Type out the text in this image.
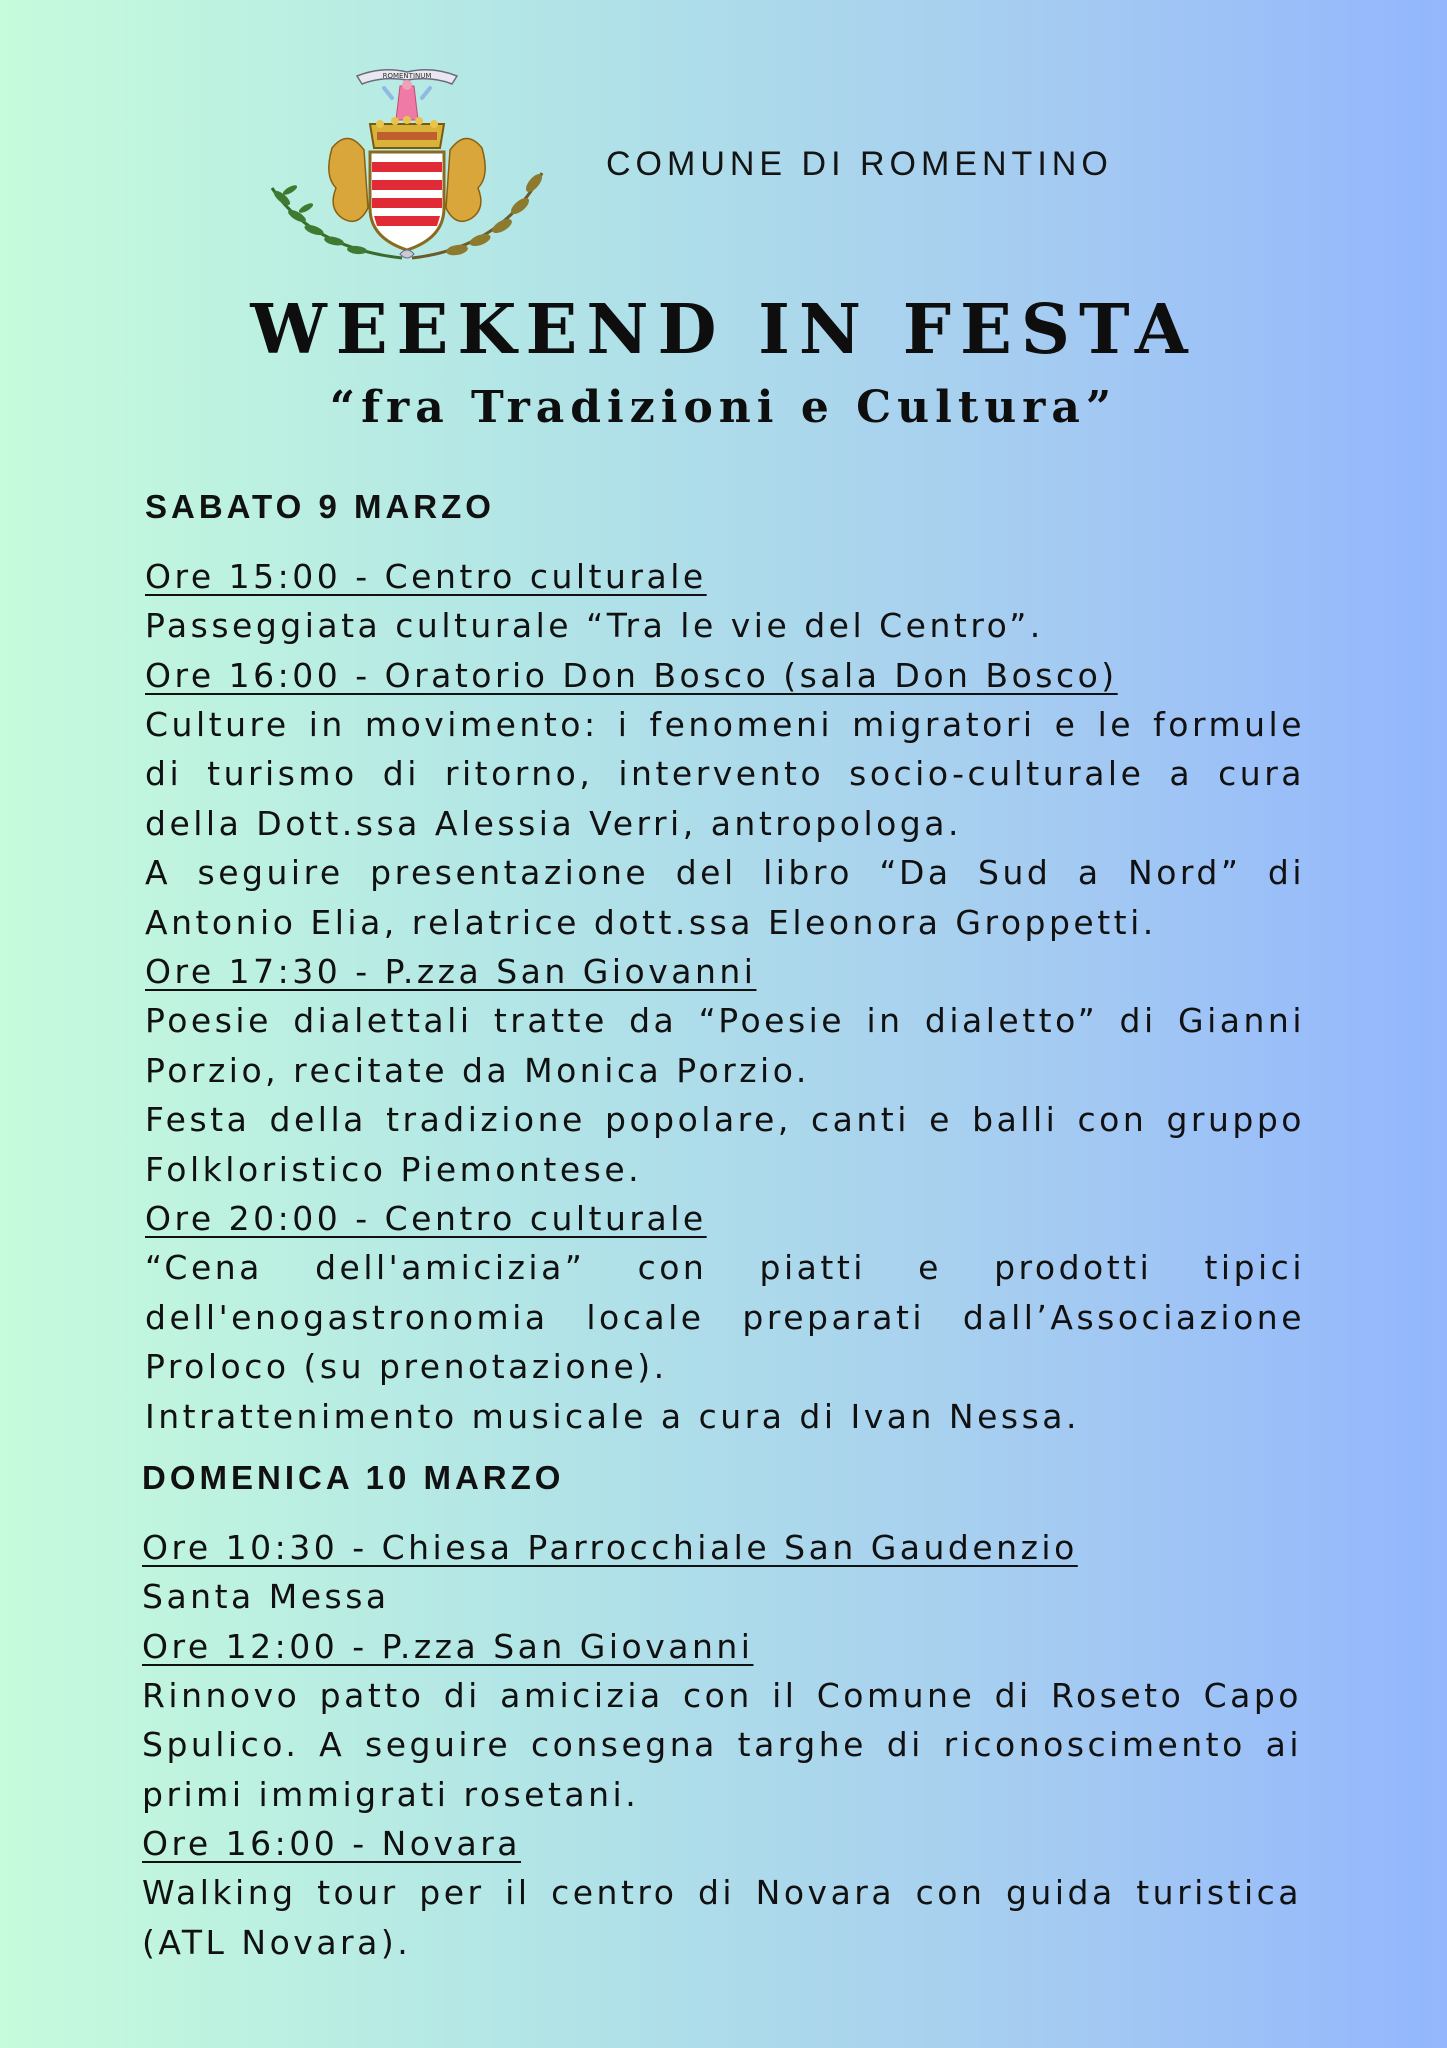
ROMENTINUM
COMUNE DI ROMENTINO
WEEKEND IN FESTA
“fra Tradizioni e Cultura”
SABATO 9 MARZO

Ore 15:00 - Centro culturale

Passeggiata culturale “Tra le vie del Centro”.

Ore 16:00 - Oratorio Don Bosco (sala Don Bosco)

Culture in movimento: i fenomeni migratori e le formule di turismo di ritorno, intervento socio-culturale a cura della Dott.ssa Alessia Verri, antropologa.

A seguire presentazione del libro “Da Sud a Nord” di Antonio Elia, relatrice dott.ssa Eleonora Groppetti.

Ore 17:30 - P.zza San Giovanni

Poesie dialettali tratte da “Poesie in dialetto” di Gianni Porzio, recitate da Monica Porzio.

Festa della tradizione popolare, canti e balli con gruppo Folkloristico Piemontese.

Ore 20:00 - Centro culturale

“Cena dell'amicizia” con piatti e prodotti tipici dell'enogastronomia locale preparati dall’Associazione Proloco (su prenotazione).

Intrattenimento musicale a cura di Ivan Nessa.

DOMENICA 10 MARZO

Ore 10:30 - Chiesa Parrocchiale San Gaudenzio

Santa Messa

Ore 12:00 - P.zza San Giovanni

Rinnovo patto di amicizia con il Comune di Roseto Capo Spulico. A seguire consegna targhe di riconoscimento ai primi immigrati rosetani.

Ore 16:00 - Novara

Walking tour per il centro di Novara con guida turistica (ATL Novara).
